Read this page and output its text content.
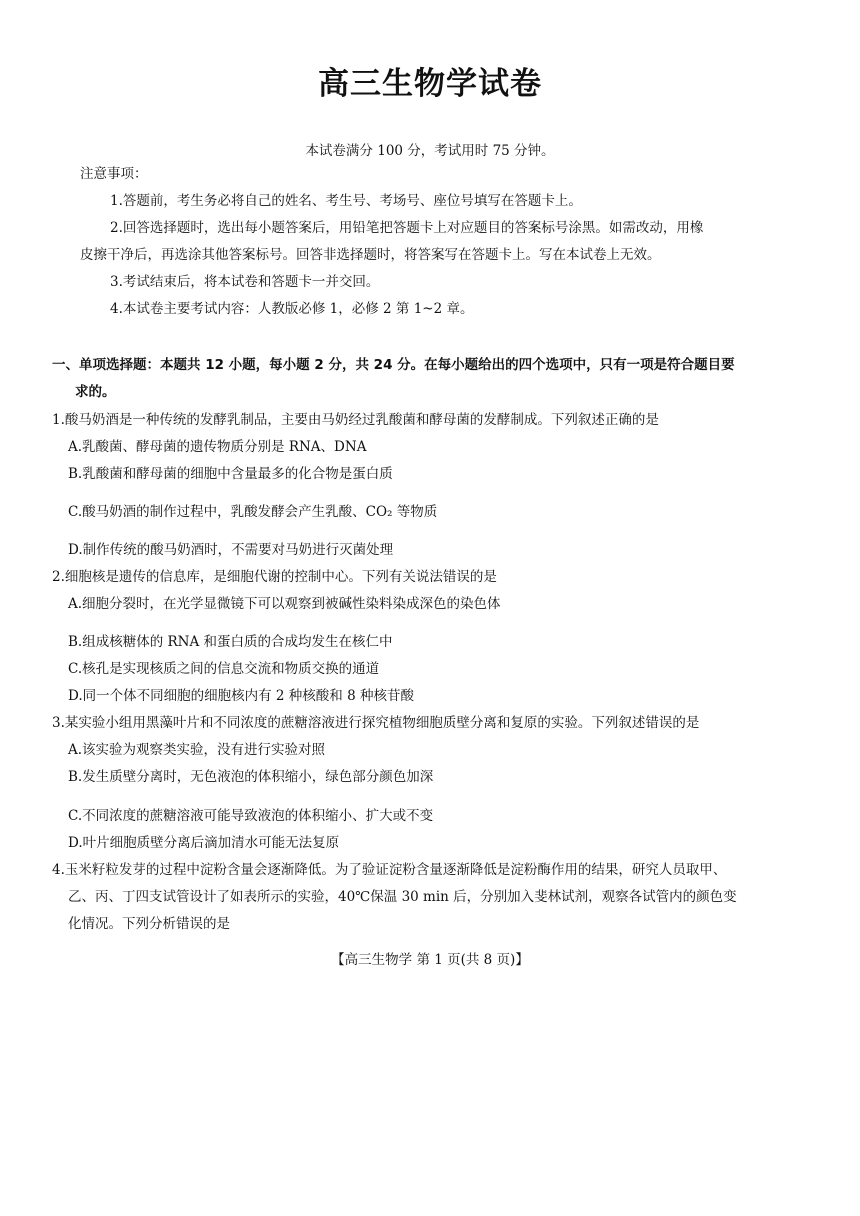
高三生物学试卷
本试卷满分 100 分，考试用时 75 分钟。
注意事项：
1.答题前，考生务必将自己的姓名、考生号、考场号、座位号填写在答题卡上。
2.回答选择题时，选出每小题答案后，用铅笔把答题卡上对应题目的答案标号涂黑。如需改动，用橡
皮擦干净后，再选涂其他答案标号。回答非选择题时，将答案写在答题卡上。写在本试卷上无效。
3.考试结束后，将本试卷和答题卡一并交回。
4.本试卷主要考试内容：人教版必修 1，必修 2 第 1~2 章。
一、单项选择题：本题共 12 小题，每小题 2 分，共 24 分。在每小题给出的四个选项中，只有一项是符合题目要
求的。
1.酸马奶酒是一种传统的发酵乳制品，主要由马奶经过乳酸菌和酵母菌的发酵制成。下列叙述正确的是
A.乳酸菌、酵母菌的遗传物质分别是 RNA、DNA
B.乳酸菌和酵母菌的细胞中含量最多的化合物是蛋白质
C.酸马奶酒的制作过程中，乳酸发酵会产生乳酸、CO₂ 等物质
D.制作传统的酸马奶酒时，不需要对马奶进行灭菌处理
2.细胞核是遗传的信息库，是细胞代谢的控制中心。下列有关说法错误的是
A.细胞分裂时，在光学显微镜下可以观察到被碱性染料染成深色的染色体
B.组成核糖体的 RNA 和蛋白质的合成均发生在核仁中
C.核孔是实现核质之间的信息交流和物质交换的通道
D.同一个体不同细胞的细胞核内有 2 种核酸和 8 种核苷酸
3.某实验小组用黑藻叶片和不同浓度的蔗糖溶液进行探究植物细胞质壁分离和复原的实验。下列叙述错误的是
A.该实验为观察类实验，没有进行实验对照
B.发生质壁分离时，无色液泡的体积缩小，绿色部分颜色加深
C.不同浓度的蔗糖溶液可能导致液泡的体积缩小、扩大或不变
D.叶片细胞质壁分离后滴加清水可能无法复原
4.玉米籽粒发芽的过程中淀粉含量会逐渐降低。为了验证淀粉含量逐渐降低是淀粉酶作用的结果，研究人员取甲、
乙、丙、丁四支试管设计了如表所示的实验，40℃保温 30 min 后，分别加入斐林试剂，观察各试管内的颜色变
化情况。下列分析错误的是
【高三生物学 第 1 页(共 8 页)】
